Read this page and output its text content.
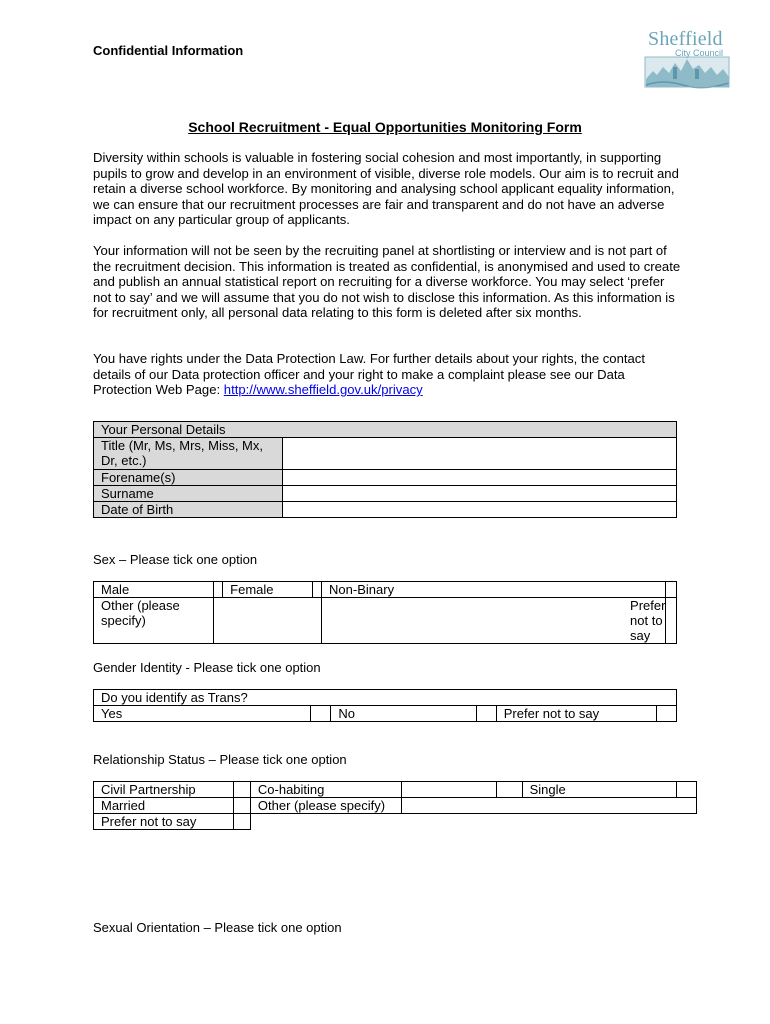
Confidential Information
Sheffield
City Council
School Recruitment - Equal Opportunities Monitoring Form
Diversity within schools is valuable in fostering social cohesion and most importantly, in supporting pupils to grow and develop in an environment of visible, diverse role models. Our aim is to recruit and retain a diverse school workforce. By monitoring and analysing school applicant equality information, we can ensure that our recruitment processes are fair and transparent and do not have an adverse impact on any particular group of applicants.
Your information will not be seen by the recruiting panel at shortlisting or interview and is not part of the recruitment decision. This information is treated as confidential, is anonymised and used to create and publish an annual statistical report on recruiting for a diverse workforce. You may select ‘prefer not to say’ and we will assume that you do not wish to disclose this information. As this information is for recruitment only, all personal data relating to this form is deleted after six months.
You have rights under the Data Protection Law. For further details about your rights, the contact details of our Data protection officer and your right to make a complaint please see our Data Protection Web Page: http://www.sheffield.gov.uk/privacy
Your Personal Details	
Title (Mr, Ms, Mrs, Miss, Mx, Dr, etc.)	
Forename(s)	
Surname	
Date of Birth	
Sex – Please tick one option
Male		Female		Non-Binary	
Other (please specify)				Prefer not to say	
Gender Identity - Please tick one option
Do you identify as Trans?
Yes		No		Prefer not to say	
Relationship Status – Please tick one option
Civil Partnership		Co-habiting			Single	
Married		Other (please specify)				
Prefer not to say						
Sexual Orientation – Please tick one option
